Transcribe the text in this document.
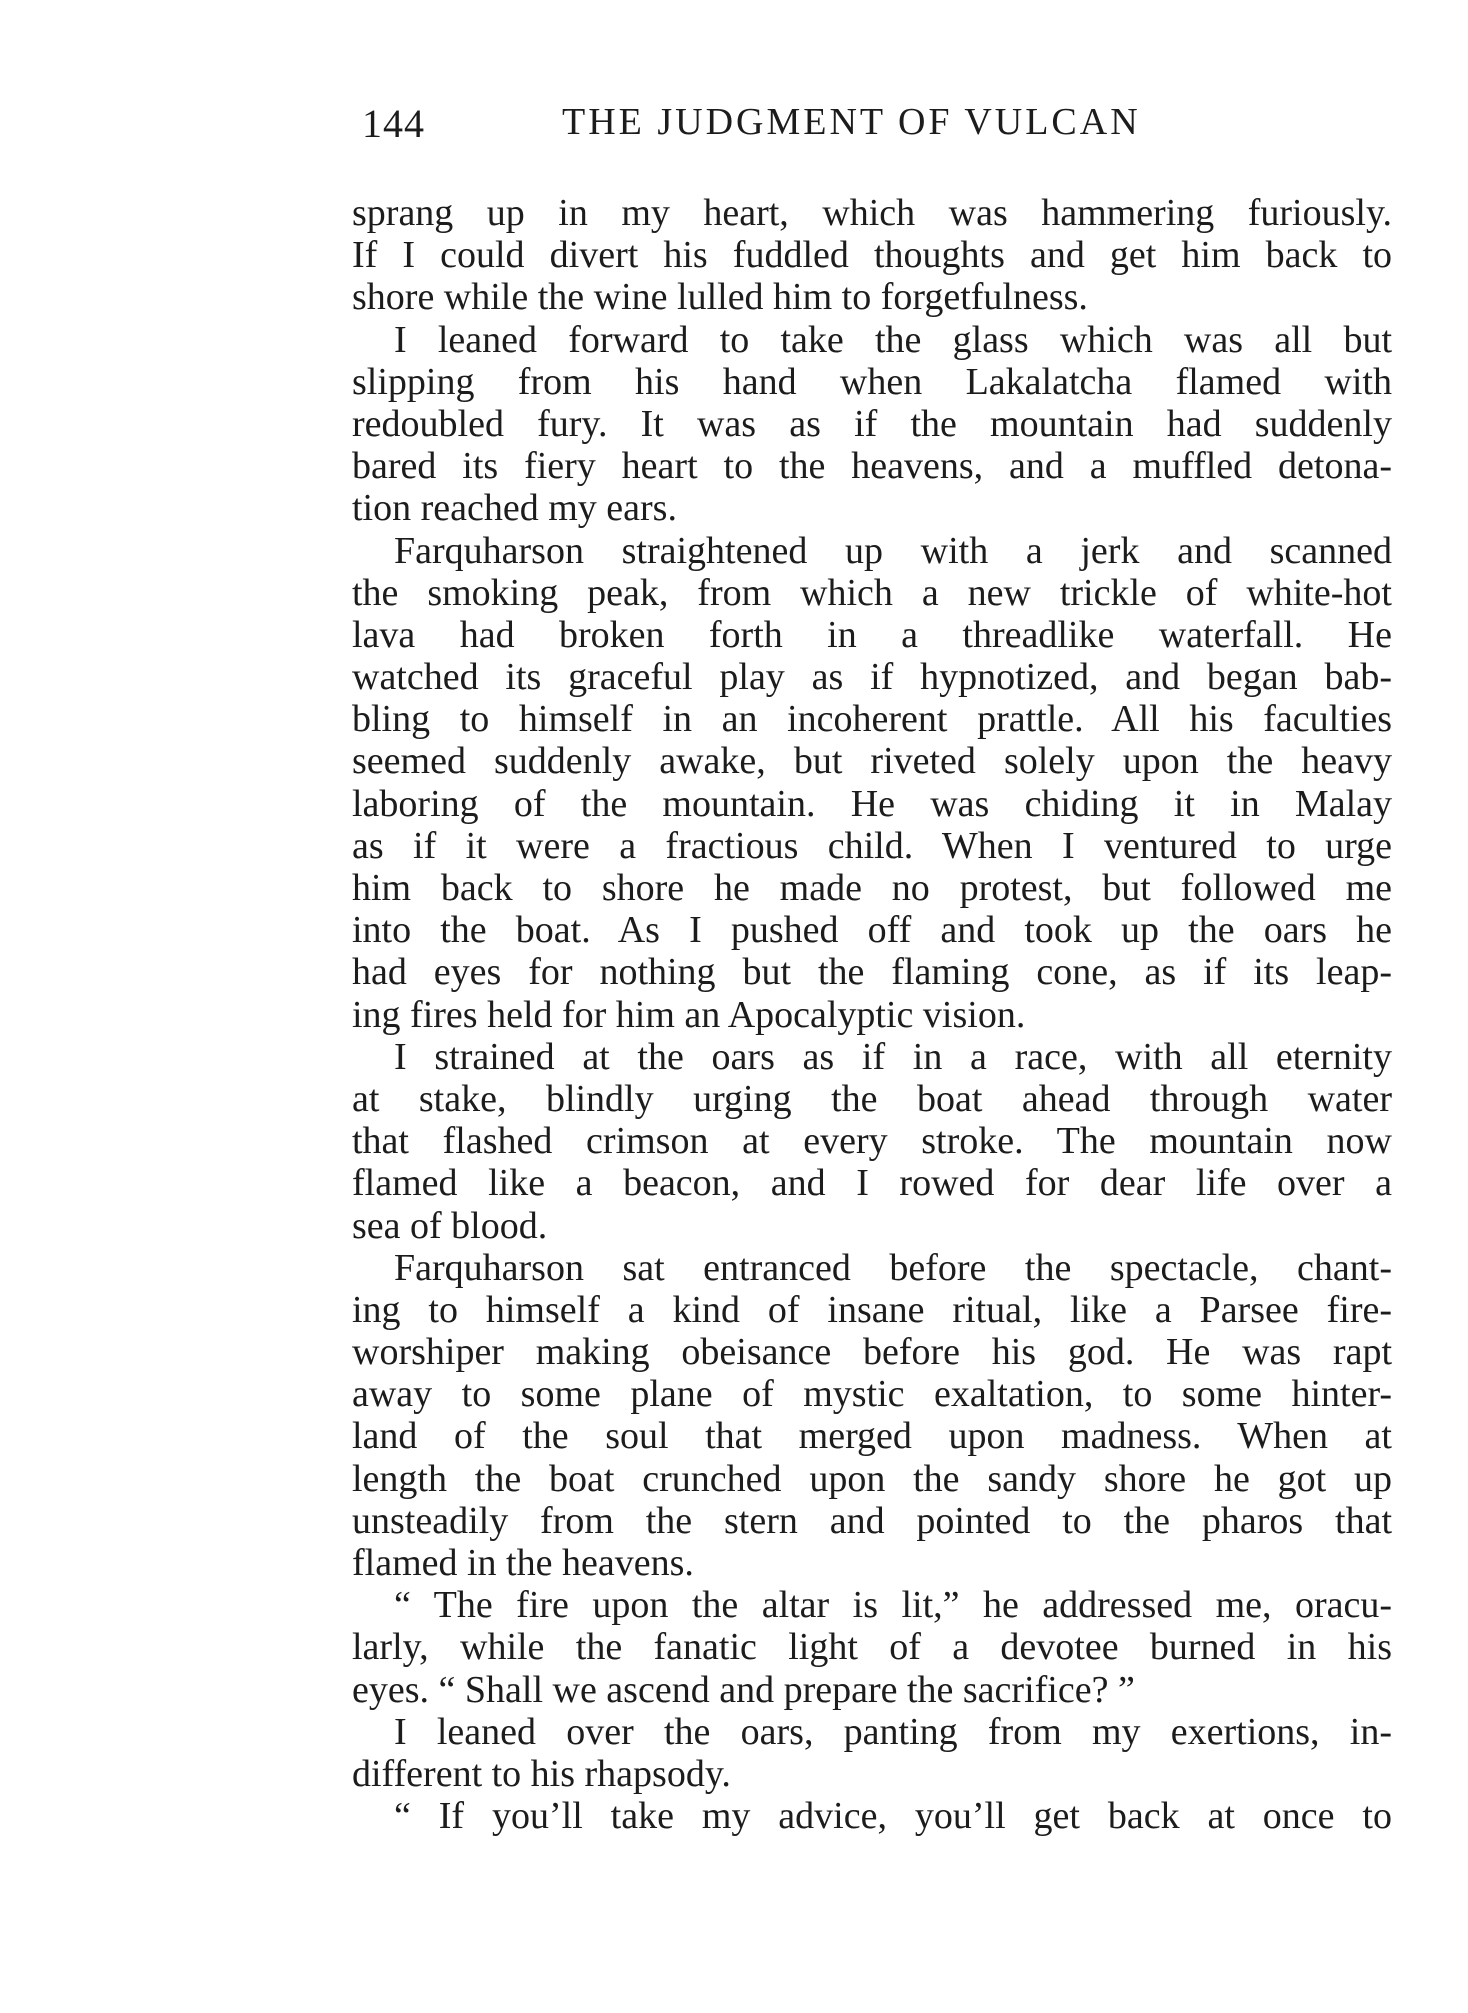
144	THE JUDGMENT OF VULCAN
sprang up in my heart, which was hammering furiously.
If I could divert his fuddled thoughts and get him back to
shore while the wine lulled him to forgetfulness.
I leaned forward to take the glass which was all but
slipping from his hand when Lakalatcha flamed with
redoubled fury. It was as if the mountain had suddenly
bared its fiery heart to the heavens, and a muffled detona-
tion reached my ears.
Farquharson straightened up with a jerk and scanned
the smoking peak, from which a new trickle of white-hot
lava had broken forth in a threadlike waterfall. He
watched its graceful play as if hypnotized, and began bab-
bling to himself in an incoherent prattle. All his faculties
seemed suddenly awake, but riveted solely upon the heavy
laboring of the mountain. He was chiding it in Malay
as if it were a fractious child. When I ventured to urge
him back to shore he made no protest, but followed me
into the boat. As I pushed off and took up the oars he
had eyes for nothing but the flaming cone, as if its leap-
ing fires held for him an Apocalyptic vision.
I strained at the oars as if in a race, with all eternity
at stake, blindly urging the boat ahead through water
that flashed crimson at every stroke. The mountain now
flamed like a beacon, and I rowed for dear life over a
sea of blood.
Farquharson sat entranced before the spectacle, chant-
ing to himself a kind of insane ritual, like a Parsee fire-
worshiper making obeisance before his god. He was rapt
away to some plane of mystic exaltation, to some hinter-
land of the soul that merged upon madness. When at
length the boat crunched upon the sandy shore he got up
unsteadily from the stern and pointed to the pharos that
flamed in the heavens.
“ The fire upon the altar is lit,” he addressed me, oracu-
larly, while the fanatic light of a devotee burned in his
eyes. “ Shall we ascend and prepare the sacrifice? ”
I leaned over the oars, panting from my exertions, in-
different to his rhapsody.
“ If you’ll take my advice, you’ll get back at once to
